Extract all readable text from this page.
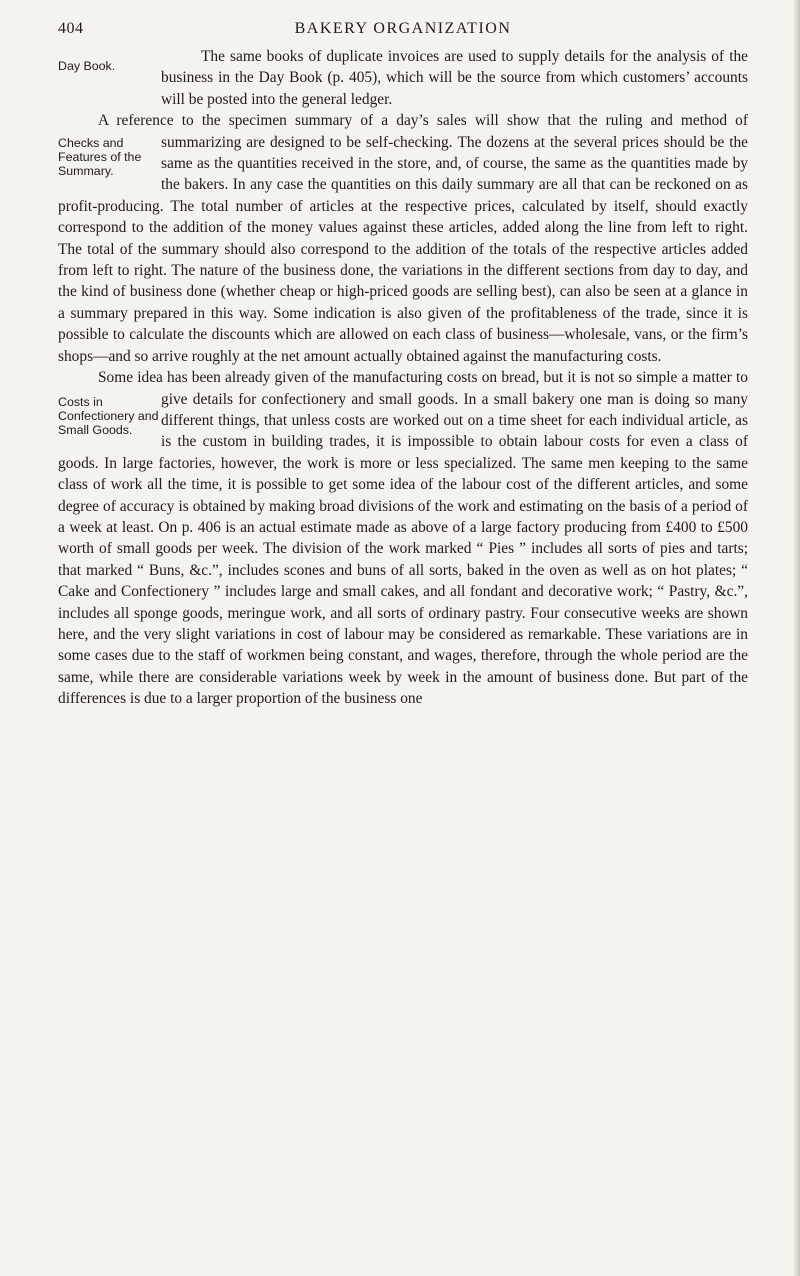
404	BAKERY ORGANIZATION

Day Book.
The same books of duplicate invoices are used to supply details for the analysis of the business in the Day Book (p. 405), which will be the source from which customers’ accounts will be posted into the general ledger.

A reference to the specimen summary of a day’s sales will show that the ruling and method of summarizing are designed to be self-checking.
Checks and Features of the Summary.
The dozens at the several prices should be the same as the quantities received in the store, and, of course, the same as the quantities made by the bakers. In any case the quantities on this daily summary are all that can be reckoned on as profit-producing. The total number of articles at the respective prices, calculated by itself, should exactly correspond to the addition of the money values against these articles, added along the line from left to right. The total of the summary should also correspond to the addition of the totals of the respective articles added from left to right. The nature of the business done, the variations in the different sections from day to day, and the kind of business done (whether cheap or high-priced goods are selling best), can also be seen at a glance in a summary prepared in this way. Some indication is also given of the profitableness of the trade, since it is possible to calculate the discounts which are allowed on each class of business—wholesale, vans, or the firm’s shops—and so arrive roughly at the net amount actually obtained against the manufacturing costs.

Some idea has been already given of the manufacturing costs on bread, but it is not so simple a matter to give details for confectionery and small
Costs in Confectionery and Small Goods.
goods. In a small bakery one man is doing so many different things, that unless costs are worked out on a time sheet for each individual article, as is the custom in building trades, it is impossible to obtain labour costs for even a class of goods. In large factories, however, the work is more or less specialized. The same men keeping to the same class of work all the time, it is possible to get some idea of the labour cost of the different articles, and some degree of accuracy is obtained by making broad divisions of the work and estimating on the basis of a period of a week at least. On p. 406 is an actual estimate made as above of a large factory producing from £400 to £500 worth of small goods per week. The division of the work marked “ Pies ” includes all sorts of pies and tarts; that marked “ Buns, &c.”, includes scones and buns of all sorts, baked in the oven as well as on hot plates; “ Cake and Confectionery ” includes large and small cakes, and all fondant and decorative work; “ Pastry, &c.”, includes all sponge goods, meringue work, and all sorts of ordinary pastry. Four consecutive weeks are shown here, and the very slight variations in cost of labour may be considered as remarkable. These variations are in some cases due to the staff of workmen being constant, and wages, therefore, through the whole period are the same, while there are considerable variations week by week in the amount of business done. But part of the differences is due to a larger proportion of the business one
